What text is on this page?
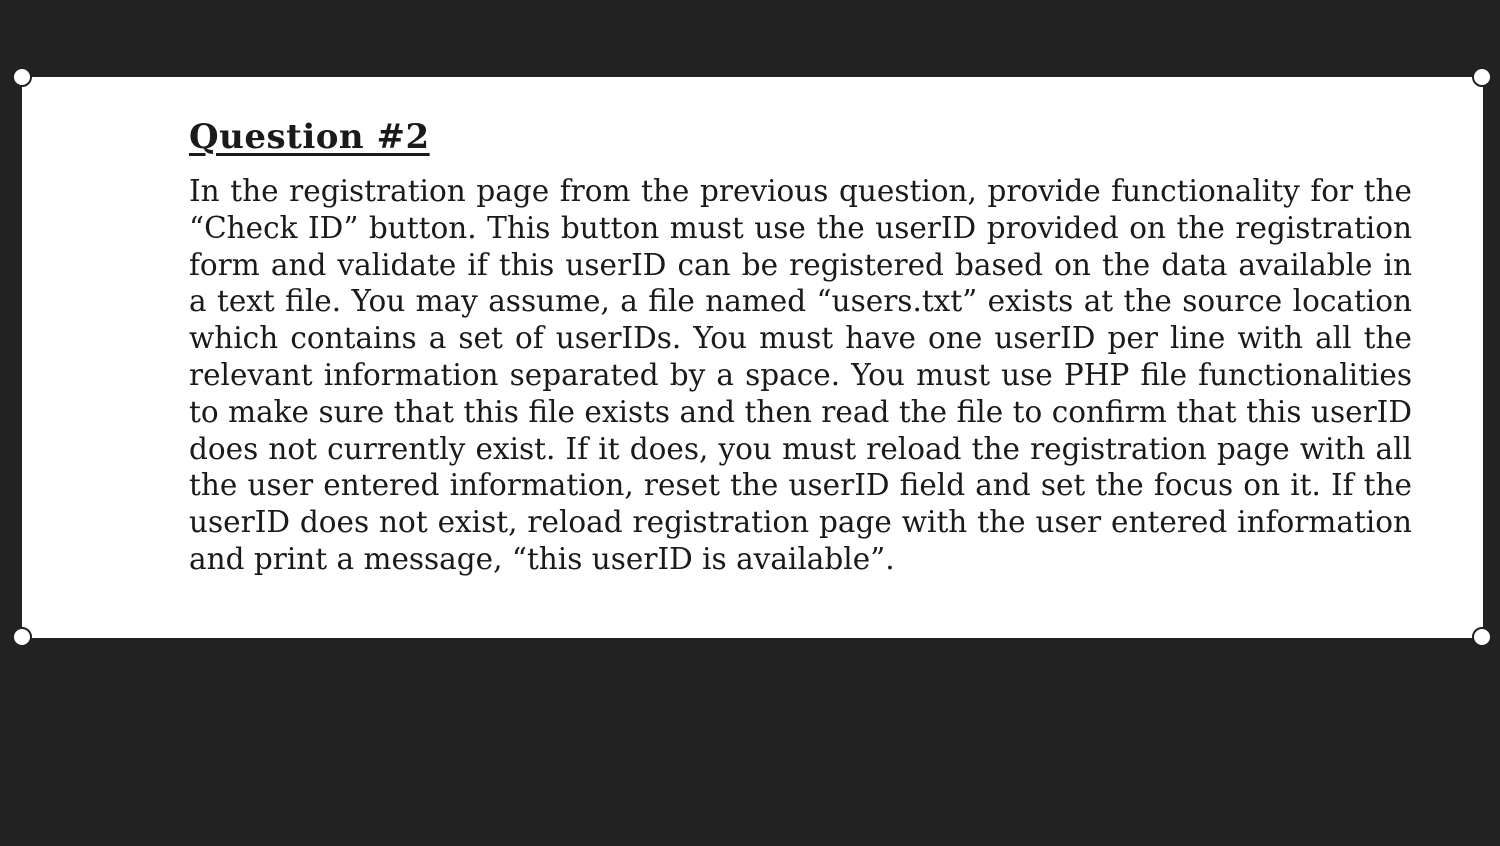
Question #2

In the registration page from the previous question, provide functionality for the “Check ID” button. This button must use the userID provided on the registration form and validate if this userID can be registered based on the data available in a text file. You may assume, a file named “users.txt” exists at the source location which contains a set of userIDs. You must have one userID per line with all the relevant information separated by a space. You must use PHP file functionalities to make sure that this file exists and then read the file to confirm that this userID does not currently exist. If it does, you must reload the registration page with all the user entered information, reset the userID field and set the focus on it. If the userID does not exist, reload registration page with the user entered information and print a message, “this userID is available”.
